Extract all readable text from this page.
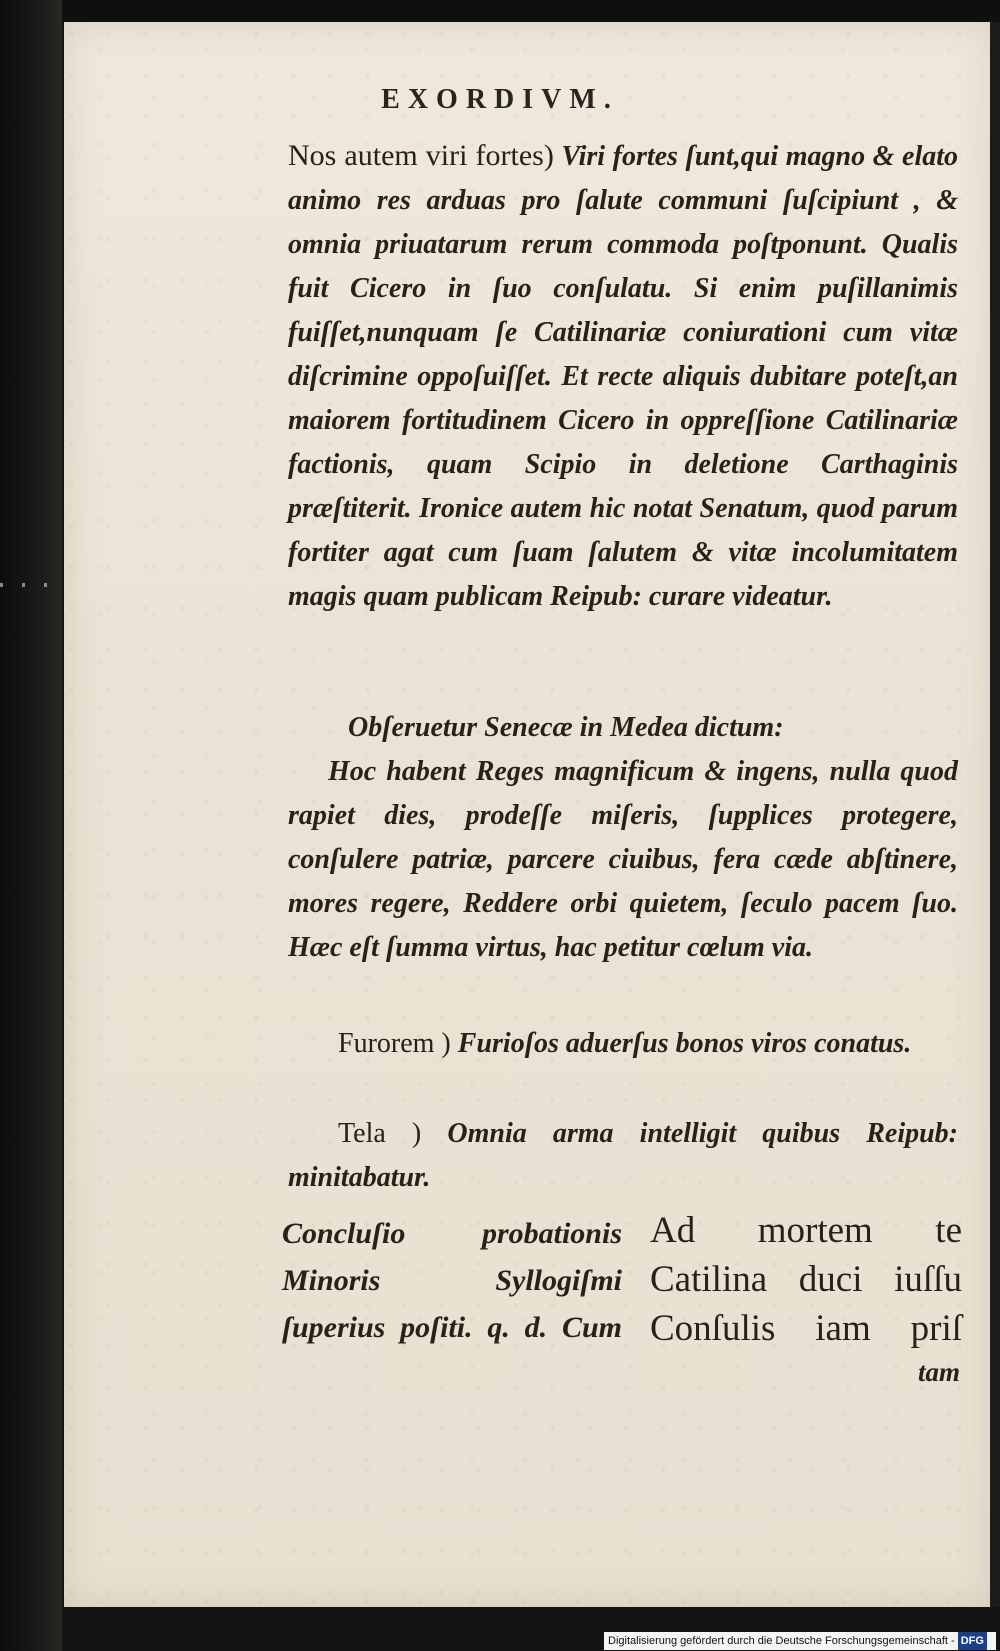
EXORDIVM.
Nos autem viri fortes) Viri fortes ſunt,qui magno & elato animo res arduas pro ſalute communi ſuſcipiunt , & omnia priuatarum rerum commoda poſtponunt. Qualis fuit Cicero in ſuo conſulatu. Si enim puſillanimis fuiſſet,nunquam ſe Catilinariæ coniurationi cum vitæ diſcrimine oppoſuiſſet. Et recte aliquis dubitare poteſt,an maiorem fortitudinem Cicero in oppreſſione Catilinariæ factionis, quam Scipio in deletione Carthaginis præſtiterit. Ironice autem hic notat Senatum, quod parum fortiter agat cum ſuam ſalutem & vitæ incolumitatem magis quam publicam Reipub: curare videatur.
Obſeruetur Senecæ in Medea dictum:
Hoc habent Reges magnificum & ingens, nulla quod rapiet dies, prodeſſe miſeris, ſupplices protegere, conſulere patriæ, parcere ciuibus, fera cæde abſtinere, mores regere, Reddere orbi quietem, ſeculo pacem ſuo. Hæc eſt ſumma virtus, hac petitur cœlum via.
Furorem ) Furioſos aduerſus bonos viros conatus.
Tela ) Omnia arma intelligit quibus Reipub: minitabatur.
Concluſio probationis Minoris Syllogiſmi ſuperius poſiti. q. d. Cum
Ad mortem te Catilina duci iuſſu Conſulis iam priſ
tam
Digitalisierung gefördert durch die Deutsche Forschungsgemeinschaft - DFG
